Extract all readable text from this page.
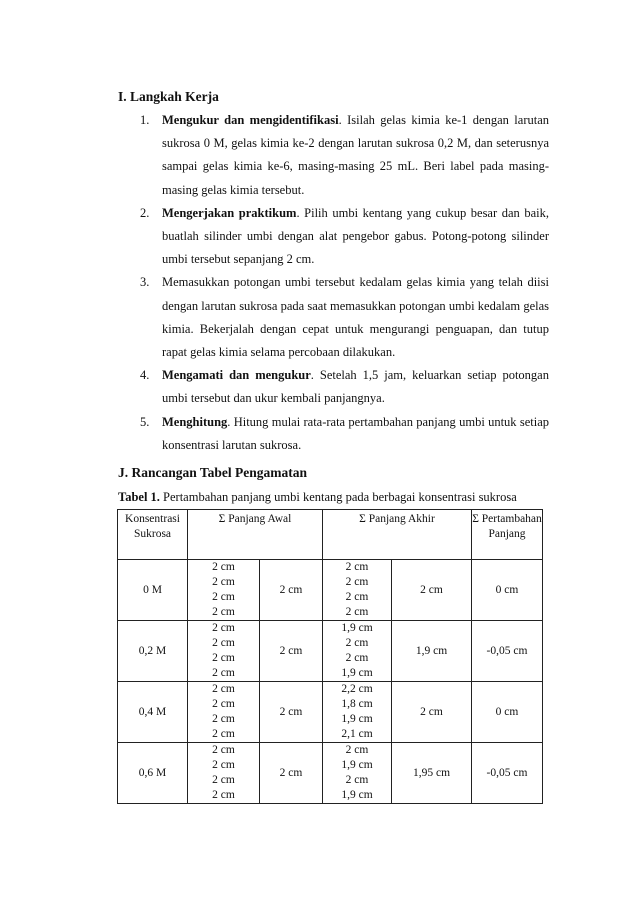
I. Langkah Kerja
1. Mengukur dan mengidentifikasi. Isilah gelas kimia ke-1 dengan larutan sukrosa 0 M, gelas kimia ke-2 dengan larutan sukrosa 0,2 M, dan seterusnya sampai gelas kimia ke-6, masing-masing 25 mL. Beri label pada masing-masing gelas kimia tersebut.
2. Mengerjakan praktikum. Pilih umbi kentang yang cukup besar dan baik, buatlah silinder umbi dengan alat pengebor gabus. Potong-potong silinder umbi tersebut sepanjang 2 cm.
3. Memasukkan potongan umbi tersebut kedalam gelas kimia yang telah diisi dengan larutan sukrosa pada saat memasukkan potongan umbi kedalam gelas kimia. Bekerjalah dengan cepat untuk mengurangi penguapan, dan tutup rapat gelas kimia selama percobaan dilakukan.
4. Mengamati dan mengukur. Setelah 1,5 jam, keluarkan setiap potongan umbi tersebut dan ukur kembali panjangnya.
5. Menghitung. Hitung mulai rata-rata pertambahan panjang umbi untuk setiap konsentrasi larutan sukrosa.
J. Rancangan Tabel Pengamatan
Tabel 1. Pertambahan panjang umbi kentang pada berbagai konsentrasi sukrosa
Konsentrasi Sukrosa	Σ Panjang Awal		Σ Panjang Akhir		Σ Pertambahan Panjang
0 M	2 cm	2 cm	2 cm	2 cm	0 cm
	2 cm		2 cm		
	2 cm		2 cm		
	2 cm		2 cm		
0,2 M	2 cm	2 cm	1,9 cm	1,9 cm	-0,05 cm
	2 cm		2 cm		
	2 cm		2 cm		
	2 cm		1,9 cm		
0,4 M	2 cm	2 cm	2,2 cm	2 cm	0 cm
	2 cm		1,8 cm		
	2 cm		1,9 cm		
	2 cm		2,1 cm		
0,6 M	2 cm	2 cm	2 cm	1,95 cm	-0,05 cm
	2 cm		1,9 cm		
	2 cm		2 cm		
	2 cm		1,9 cm		
